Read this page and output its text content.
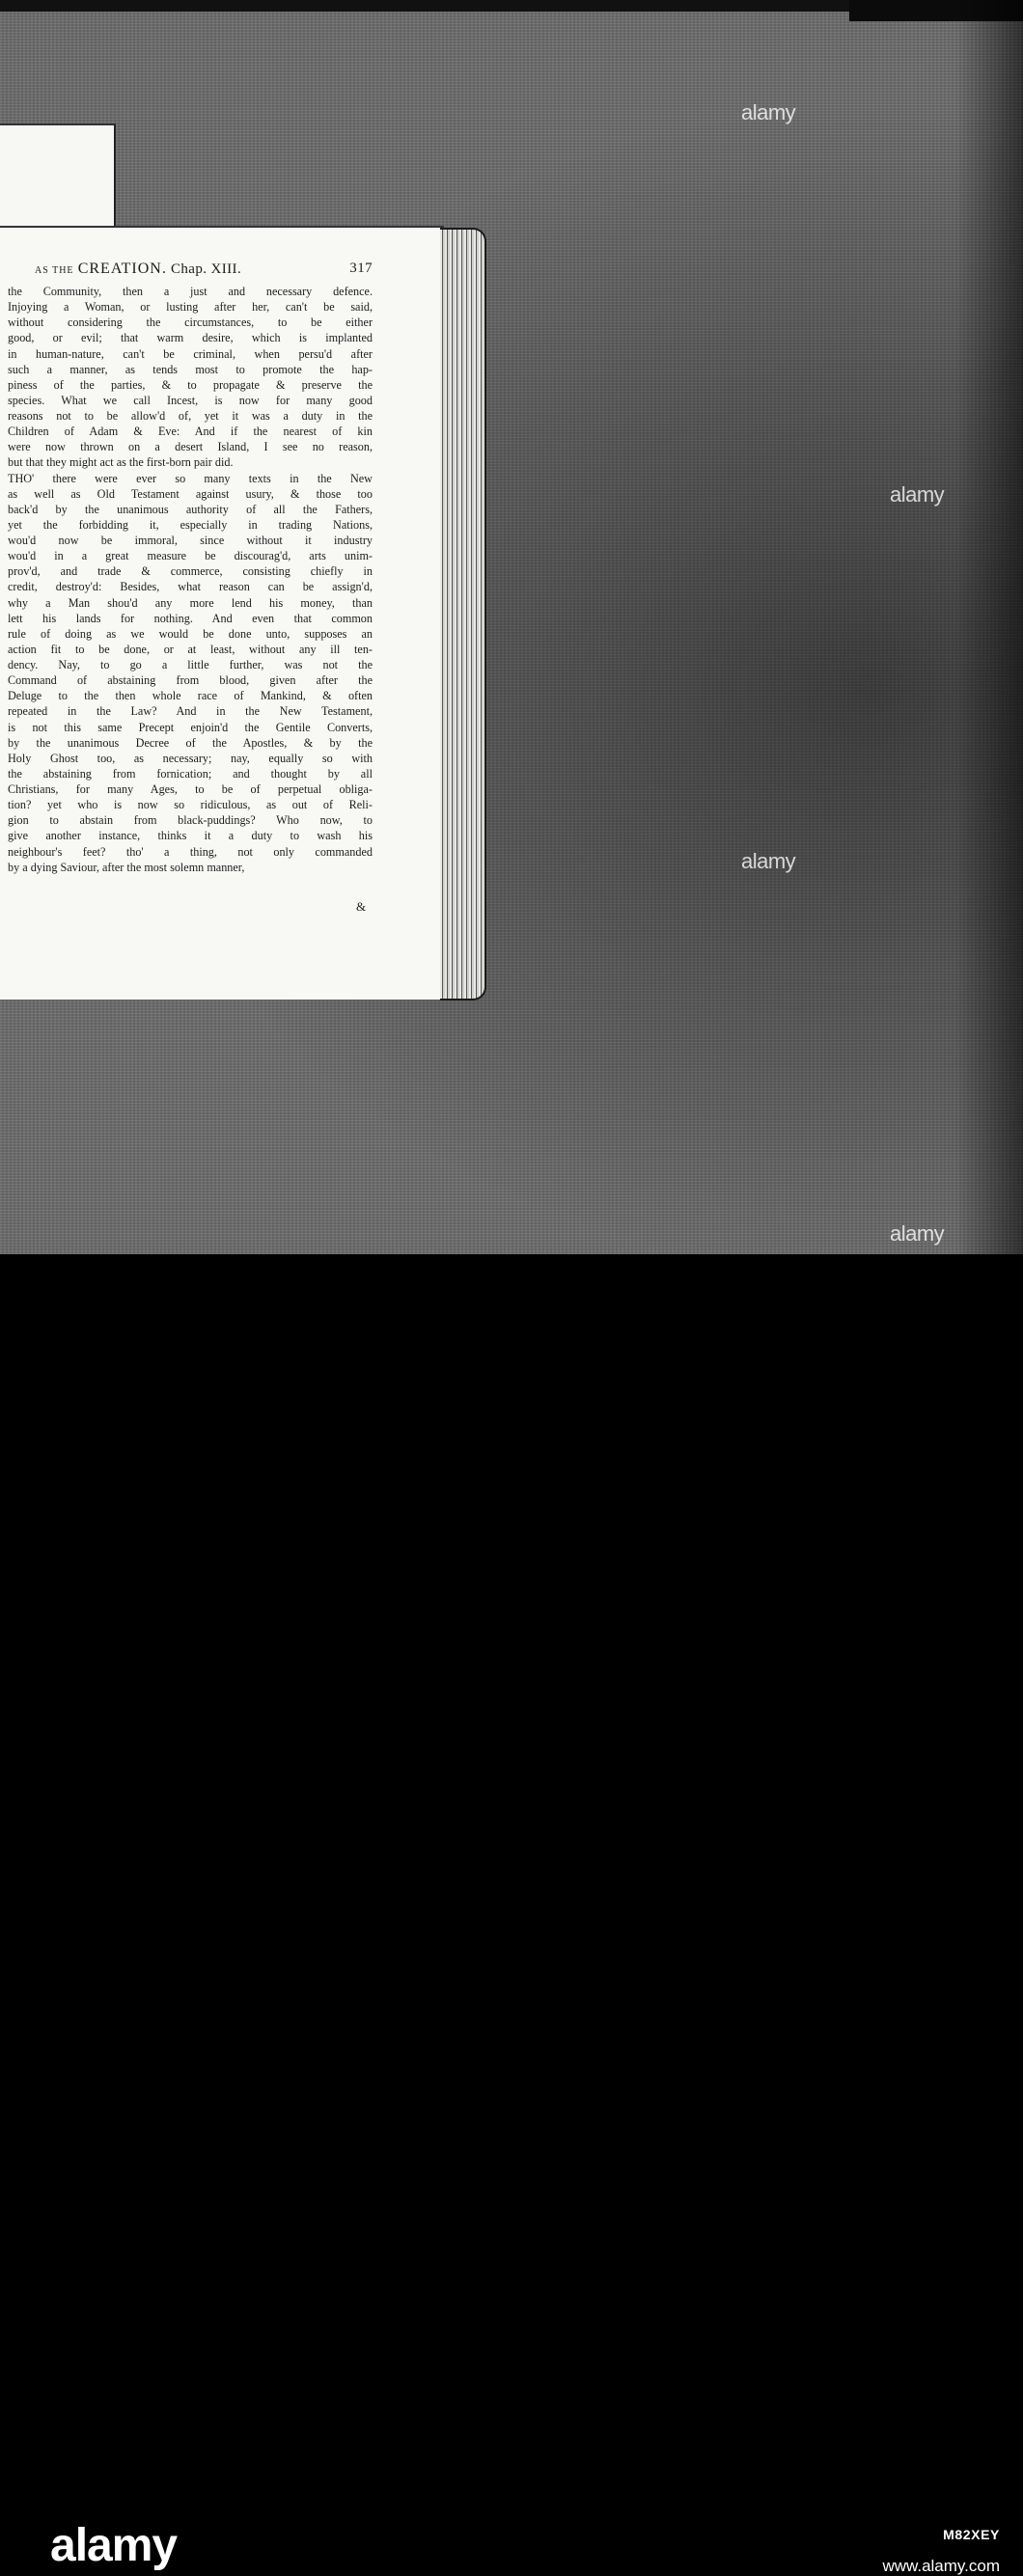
alamy
alamy
alamy
alamy
AS THE CREATION. Chap. XIII.	317
the Community, then a just and necessary defence.
Injoying a Woman, or lusting after her, can't be said,
without considering the circumstances, to be either
good, or evil; that warm desire, which is implanted
in human-nature, can't be criminal, when persu'd after
such a manner, as tends most to promote the hap-
piness of the parties, & to propagate & preserve the
species. What we call Incest, is now for many good
reasons not to be allow'd of, yet it was a duty in the
Children of Adam & Eve: And if the nearest of kin
were now thrown on a desert Island, I see no reason,
but that they might act as the first-born pair did.
THO' there were ever so many texts in the New
as well as Old Testament against usury, & those too
back'd by the unanimous authority of all the Fathers,
yet the forbidding it, especially in trading Nations,
wou'd now be immoral, since without it industry
wou'd in a great measure be discourag'd, arts unim-
prov'd, and trade & commerce, consisting chiefly in
credit, destroy'd: Besides, what reason can be assign'd,
why a Man shou'd any more lend his money, than
lett his lands for nothing. And even that common
rule of doing as we would be done unto, supposes an
action fit to be done, or at least, without any ill ten-
dency. Nay, to go a little further, was not the
Command of abstaining from blood, given after the
Deluge to the then whole race of Mankind, & often
repeated in the Law? And in the New Testament,
is not this same Precept enjoin'd the Gentile Converts,
by the unanimous Decree of the Apostles, & by the
Holy Ghost too, as necessary; nay, equally so with
the abstaining from fornication; and thought by all
Christians, for many Ages, to be of perpetual obliga-
tion? yet who is now so ridiculous, as out of Reli-
gion to abstain from black-puddings? Who now, to
give another instance, thinks it a duty to wash his
neighbour's feet? tho' a thing, not only commanded
by a dying Saviour, after the most solemn manner,
&
alamy	M82XEY
www.alamy.com
